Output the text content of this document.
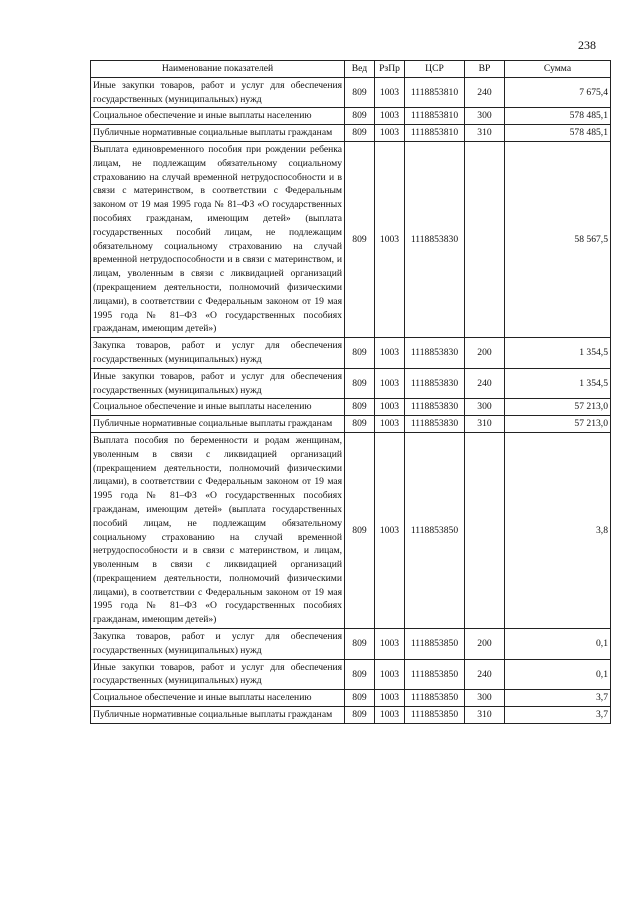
238
Наименование показателей	Вед	РзПр	ЦСР	ВР	Сумма
Иные закупки товаров, работ и услуг для обеспечения государственных (муниципальных) нужд	809	1003	1118853810	240	7 675,4
Социальное обеспечение и иные выплаты населению	809	1003	1118853810	300	578 485,1
Публичные нормативные социальные выплаты гражданам	809	1003	1118853810	310	578 485,1
Выплата единовременного пособия при рождении ребенка лицам, не подлежащим обязательному социальному страхованию на случай временной нетрудоспособности и в связи с материнством, в соответствии с Федеральным законом от 19 мая 1995 года № 81–ФЗ «О государственных пособиях гражданам, имеющим детей» (выплата государственных пособий лицам, не подлежащим обязательному социальному страхованию на случай временной нетрудоспособности и в связи с материнством, и лицам, уволенным в связи с ликвидацией организаций (прекращением деятельности, полномочий физическими лицами), в соответствии с Федеральным законом от 19 мая 1995 года № 81–ФЗ «О государственных пособиях гражданам, имеющим детей»)	809	1003	1118853830		58 567,5
Закупка товаров, работ и услуг для обеспечения государственных (муниципальных) нужд	809	1003	1118853830	200	1 354,5
Иные закупки товаров, работ и услуг для обеспечения государственных (муниципальных) нужд	809	1003	1118853830	240	1 354,5
Социальное обеспечение и иные выплаты населению	809	1003	1118853830	300	57 213,0
Публичные нормативные социальные выплаты гражданам	809	1003	1118853830	310	57 213,0
Выплата пособия по беременности и родам женщинам, уволенным в связи с ликвидацией организаций (прекращением деятельности, полномочий физическими лицами), в соответствии с Федеральным законом от 19 мая 1995 года № 81–ФЗ «О государственных пособиях гражданам, имеющим детей» (выплата государственных пособий лицам, не подлежащим обязательному социальному страхованию на случай временной нетрудоспособности и в связи с материнством, и лицам, уволенным в связи с ликвидацией организаций (прекращением деятельности, полномочий физическими лицами), в соответствии с Федеральным законом от 19 мая 1995 года № 81–ФЗ «О государственных пособиях гражданам, имеющим детей»)	809	1003	1118853850		3,8
Закупка товаров, работ и услуг для обеспечения государственных (муниципальных) нужд	809	1003	1118853850	200	0,1
Иные закупки товаров, работ и услуг для обеспечения государственных (муниципальных) нужд	809	1003	1118853850	240	0,1
Социальное обеспечение и иные выплаты населению	809	1003	1118853850	300	3,7
Публичные нормативные социальные выплаты гражданам	809	1003	1118853850	310	3,7
